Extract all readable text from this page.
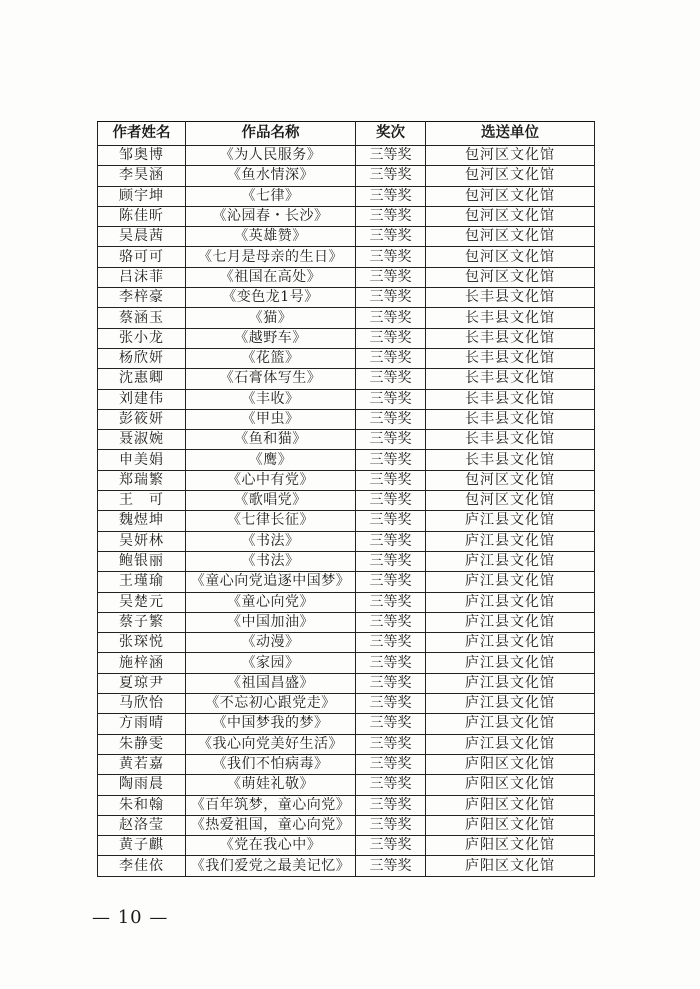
作者姓名	作品名称	奖次	选送单位
邹奥博	《为人民服务》	三等奖	包河区文化馆
李昊涵	《鱼水情深》	三等奖	包河区文化馆
顾宇坤	《七律》	三等奖	包河区文化馆
陈佳昕	《沁园春・长沙》	三等奖	包河区文化馆
吴晨茜	《英雄赞》	三等奖	包河区文化馆
骆可可	《七月是母亲的生日》	三等奖	包河区文化馆
吕沫菲	《祖国在高处》	三等奖	包河区文化馆
李梓豪	《变色龙1号》	三等奖	长丰县文化馆
蔡涵玉	《猫》	三等奖	长丰县文化馆
张小龙	《越野车》	三等奖	长丰县文化馆
杨欣妍	《花篮》	三等奖	长丰县文化馆
沈惠卿	《石膏体写生》	三等奖	长丰县文化馆
刘建伟	《丰收》	三等奖	长丰县文化馆
彭筱妍	《甲虫》	三等奖	长丰县文化馆
聂淑婉	《鱼和猫》	三等奖	长丰县文化馆
申美娟	《鹰》	三等奖	长丰县文化馆
郑瑞繁	《心中有党》	三等奖	包河区文化馆
王　可	《歌唱党》	三等奖	包河区文化馆
魏煜坤	《七律长征》	三等奖	庐江县文化馆
吴妍林	《书法》	三等奖	庐江县文化馆
鲍银丽	《书法》	三等奖	庐江县文化馆
王瑾瑜	《童心向党追逐中国梦》	三等奖	庐江县文化馆
吴楚元	《童心向党》	三等奖	庐江县文化馆
蔡子繁	《中国加油》	三等奖	庐江县文化馆
张琛悦	《动漫》	三等奖	庐江县文化馆
施梓涵	《家园》	三等奖	庐江县文化馆
夏琼尹	《祖国昌盛》	三等奖	庐江县文化馆
马欣怡	《不忘初心跟党走》	三等奖	庐江县文化馆
方雨晴	《中国梦我的梦》	三等奖	庐江县文化馆
朱静雯	《我心向党美好生活》	三等奖	庐江县文化馆
黄若嘉	《我们不怕病毒》	三等奖	庐阳区文化馆
陶雨晨	《萌娃礼敬》	三等奖	庐阳区文化馆
朱和翰	《百年筑梦，童心向党》	三等奖	庐阳区文化馆
赵洛莹	《热爱祖国，童心向党》	三等奖	庐阳区文化馆
黄子麒	《党在我心中》	三等奖	庐阳区文化馆
李佳依	《我们爱党之最美记忆》	三等奖	庐阳区文化馆
— 10 —
